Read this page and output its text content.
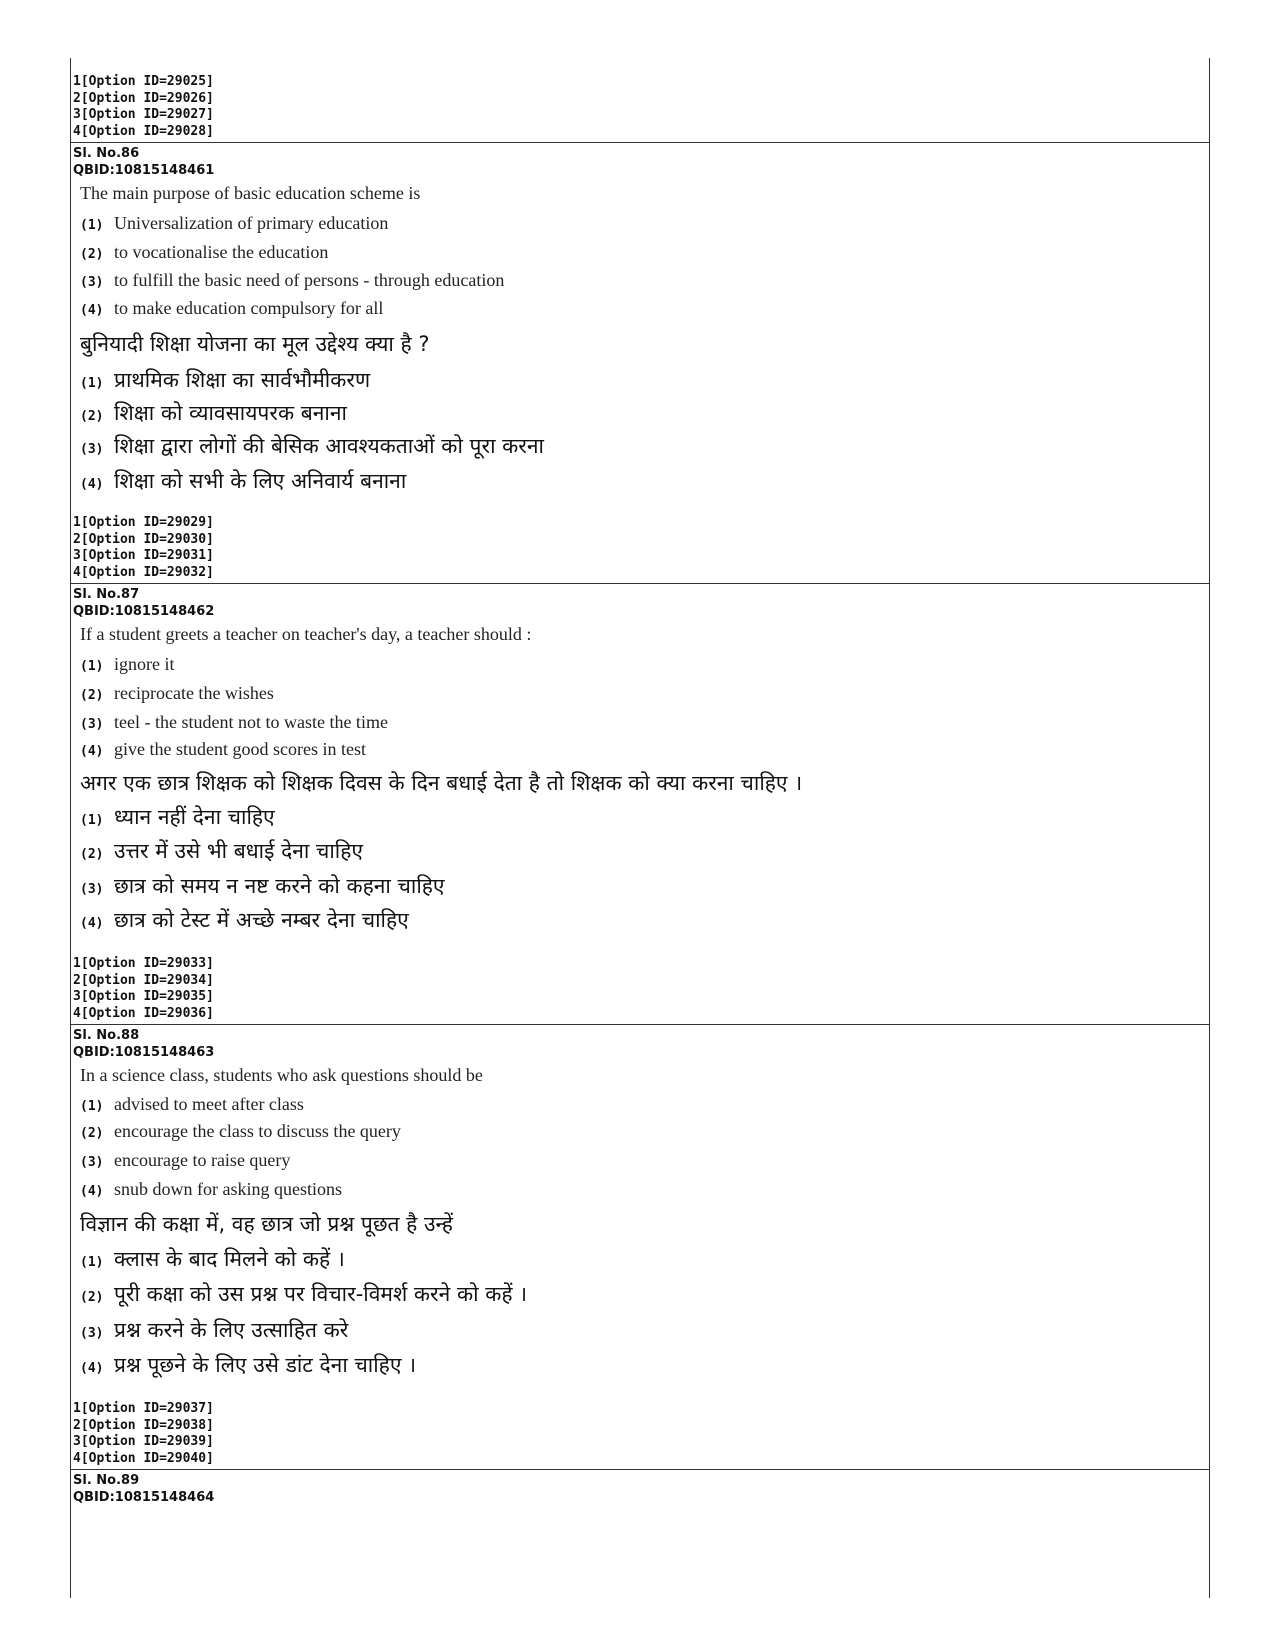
1[Option ID=29025]
2[Option ID=29026]
3[Option ID=29027]
4[Option ID=29028]
Sl. No.86
QBID:10815148461
The main purpose of basic education scheme is
(1) Universalization of primary education
(2) to vocationalise the education
(3) to fulfill the basic need of persons - through education
(4) to make education compulsory for all
बुनियादी शिक्षा योजना का मूल उद्देश्य क्या है ?
(1) प्राथमिक शिक्षा का सार्वभौमीकरण
(2) शिक्षा को व्यावसायपरक बनाना
(3) शिक्षा द्वारा लोगों की बेसिक आवश्यकताओं को पूरा करना
(4) शिक्षा को सभी के लिए अनिवार्य बनाना
1[Option ID=29029]
2[Option ID=29030]
3[Option ID=29031]
4[Option ID=29032]
Sl. No.87
QBID:10815148462
If a student greets a teacher on teacher's day, a teacher should :
(1) ignore it
(2) reciprocate the wishes
(3) teel - the student not to waste the time
(4) give the student good scores in test
अगर एक छात्र शिक्षक को शिक्षक दिवस के दिन बधाई देता है तो शिक्षक को क्या करना चाहिए ।
(1) ध्यान नहीं देना चाहिए
(2) उत्तर में उसे भी बधाई देना चाहिए
(3) छात्र को समय न नष्ट करने को कहना चाहिए
(4) छात्र को टेस्ट में अच्छे नम्बर देना चाहिए
1[Option ID=29033]
2[Option ID=29034]
3[Option ID=29035]
4[Option ID=29036]
Sl. No.88
QBID:10815148463
In a science class, students who ask questions should be
(1) advised to meet after class
(2) encourage the class to discuss the query
(3) encourage to raise query
(4) snub down for asking questions
विज्ञान की कक्षा में, वह छात्र जो प्रश्न पूछत है उन्हें
(1) क्लास के बाद मिलने को कहें ।
(2) पूरी कक्षा को उस प्रश्न पर विचार-विमर्श करने को कहें ।
(3) प्रश्न करने के लिए उत्साहित करे
(4) प्रश्न पूछने के लिए उसे डांट देना चाहिए ।
1[Option ID=29037]
2[Option ID=29038]
3[Option ID=29039]
4[Option ID=29040]
Sl. No.89
QBID:10815148464
